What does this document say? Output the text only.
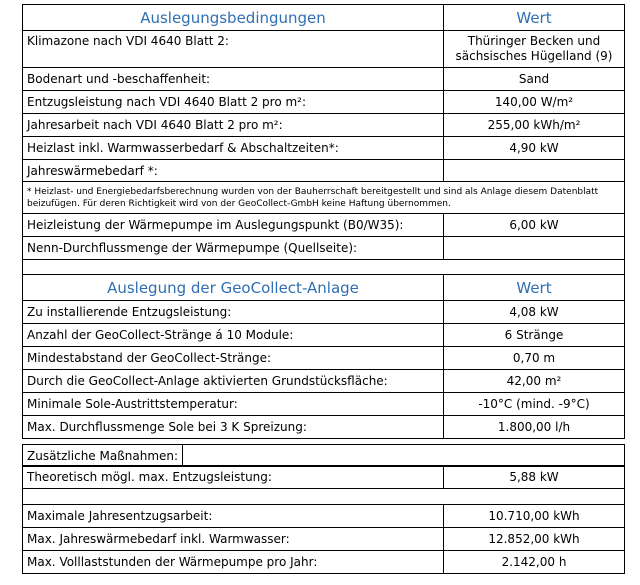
Auslegungsbedingungen	Wert
Klimazone nach VDI 4640 Blatt 2:	Thüringer Becken und
sächsisches Hügelland (9)

Bodenart und -beschaffenheit:	Sand
Entzugsleistung nach VDI 4640 Blatt 2 pro m²:	140,00 W/m²
Jahresarbeit nach VDI 4640 Blatt 2 pro m²:	255,00 kWh/m²
Heizlast inkl. Warmwasserbedarf & Abschaltzeiten*:	4,90 kW
Jahreswärmebedarf *:	
* Heizlast- und Energiebedarfsberechnung wurden von der Bauherrschaft bereitgestellt und sind als Anlage diesem Datenblatt beizufügen. Für deren Richtigkeit wird von der GeoCollect-GmbH keine Haftung übernommen.	
Heizleistung der Wärmepumpe im Auslegungspunkt (B0/W35):	6,00 kW
Nenn-Durchflussmenge der Wärmepumpe (Quellseite):	

Auslegung der GeoCollect-Anlage	Wert
Zu installierende Entzugsleistung:	4,08 kW
Anzahl der GeoCollect-Stränge á 10 Module:	6 Stränge
Mindestabstand der GeoCollect-Stränge:	0,70 m
Durch die GeoCollect-Anlage aktivierten Grundstücksfläche:	42,00 m²
Minimale Sole-Austrittstemperatur:	-10°C (mind. -9°C)
Max. Durchflussmenge Sole bei 3 K Spreizung:	1.800,00 l/h
Zusätzliche Maßnahmen:	
Theoretisch mögl. max. Entzugsleistung:	5,88 kW

Maximale Jahresentzugsarbeit:	10.710,00 kWh
Max. Jahreswärmebedarf inkl. Warmwasser:	12.852,00 kWh
Max. Volllaststunden der Wärmepumpe pro Jahr:	2.142,00 h
